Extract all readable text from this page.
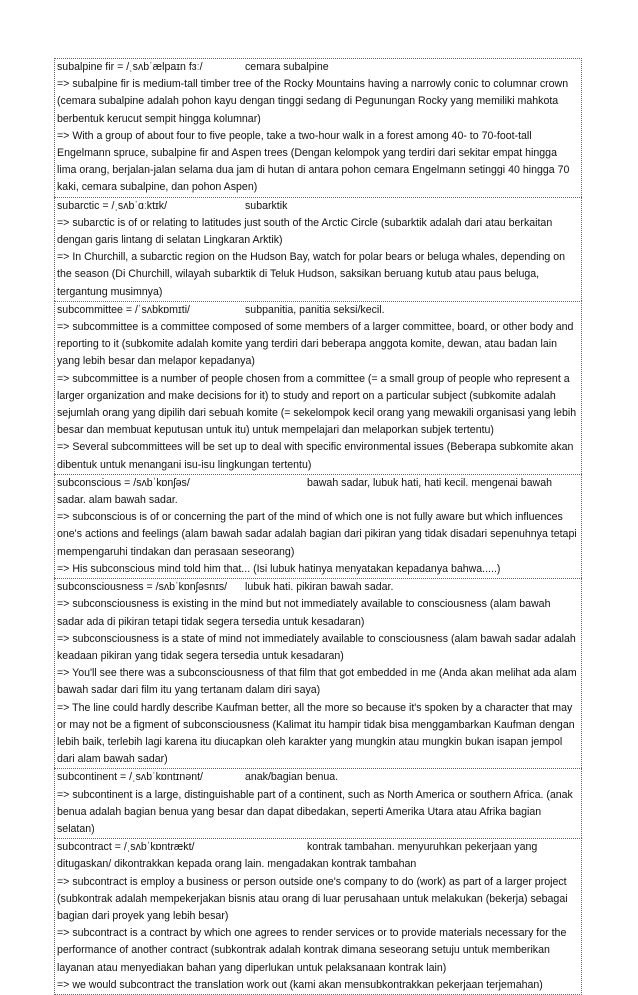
subalpine fir = /ˌsʌbˈælpaɪn fɜː/	cemara subalpine

=> subalpine fir is medium-tall timber tree of the Rocky Mountains having a narrowly conic to columnar crown (cemara subalpine adalah pohon kayu dengan tinggi sedang di Pegunungan Rocky yang memiliki mahkota berbentuk kerucut sempit hingga kolumnar)

=> With a group of about four to five people, take a two-hour walk in a forest among 40- to 70-foot-tall Engelmann spruce, subalpine fir and Aspen trees (Dengan kelompok yang terdiri dari sekitar empat hingga lima orang, berjalan-jalan selama dua jam di hutan di antara pohon cemara Engelmann setinggi 40 hingga 70 kaki, cemara subalpine, dan pohon Aspen)

subarctic = /ˌsʌbˈɑːktɪk/	subarktik

=> subarctic is of or relating to latitudes just south of the Arctic Circle (subarktik adalah dari atau berkaitan dengan garis lintang di selatan Lingkaran Arktik)

=> In Churchill, a subarctic region on the Hudson Bay, watch for polar bears or beluga whales, depending on the season (Di Churchill, wilayah subarktik di Teluk Hudson, saksikan beruang kutub atau paus beluga, tergantung musimnya)

subcommittee = /ˈsʌbkɒmɪti/	subpanitia, panitia seksi/kecil.

=> subcommittee is a committee composed of some members of a larger committee, board, or other body and reporting to it (subkomite adalah komite yang terdiri dari beberapa anggota komite, dewan, atau badan lain yang lebih besar dan melapor kepadanya)

=> subcommittee is a number of people chosen from a committee (= a small group of people who represent a larger organization and make decisions for it) to study and report on a particular subject (subkomite adalah sejumlah orang yang dipilih dari sebuah komite (= sekelompok kecil orang yang mewakili organisasi yang lebih besar dan membuat keputusan untuk itu) untuk mempelajari dan melaporkan subjek tertentu)

=> Several subcommittees will be set up to deal with specific environmental issues (Beberapa subkomite akan dibentuk untuk menangani isu-isu lingkungan tertentu)

subconscious = /sʌbˈkɒnʃəs/	bawah sadar, lubuk hati, hati kecil. mengenai bawah sadar. alam bawah sadar.

=> subconscious is of or concerning the part of the mind of which one is not fully aware but which influences one's actions and feelings (alam bawah sadar adalah bagian dari pikiran yang tidak disadari sepenuhnya tetapi mempengaruhi tindakan dan perasaan seseorang)

=> His subconscious mind told him that... (Isi lubuk hatinya menyatakan kepadanya bahwa.....)

subconsciousness = /sʌbˈkɒnʃəsnɪs/ lubuk hati. pikiran bawah sadar.

=> subconsciousness is existing in the mind but not immediately available to consciousness (alam bawah sadar ada di pikiran tetapi tidak segera tersedia untuk kesadaran)

=> subconsciousness is a state of mind not immediately available to consciousness (alam bawah sadar adalah keadaan pikiran yang tidak segera tersedia untuk kesadaran)

=> You'll see there was a subconsciousness of that film that got embedded in me (Anda akan melihat ada alam bawah sadar dari film itu yang tertanam dalam diri saya)

=> The line could hardly describe Kaufman better, all the more so because it's spoken by a character that may or may not be a figment of subconsciousness (Kalimat itu hampir tidak bisa menggambarkan Kaufman dengan lebih baik, terlebih lagi karena itu diucapkan oleh karakter yang mungkin atau mungkin bukan isapan jempol dari alam bawah sadar)

subcontinent = /ˌsʌbˈkɒntɪnənt/	anak/bagian benua.

=> subcontinent is a large, distinguishable part of a continent, such as North America or southern Africa. (anak benua adalah bagian benua yang besar dan dapat dibedakan, seperti Amerika Utara atau Afrika bagian selatan)

subcontract = /ˌsʌbˈkɒntrækt/	kontrak tambahan. menyuruhkan pekerjaan yang ditugaskan/ dikontrakkan kepada orang lain. mengadakan kontrak tambahan

=> subcontract is employ a business or person outside one's company to do (work) as part of a larger project (subkontrak adalah mempekerjakan bisnis atau orang di luar perusahaan untuk melakukan (bekerja) sebagai bagian dari proyek yang lebih besar)

=> subcontract is a contract by which one agrees to render services or to provide materials necessary for the performance of another contract (subkontrak adalah kontrak dimana seseorang setuju untuk memberikan layanan atau menyediakan bahan yang diperlukan untuk pelaksanaan kontrak lain)

=> we would subcontract the translation work out (kami akan mensubkontrakkan pekerjaan terjemahan)
